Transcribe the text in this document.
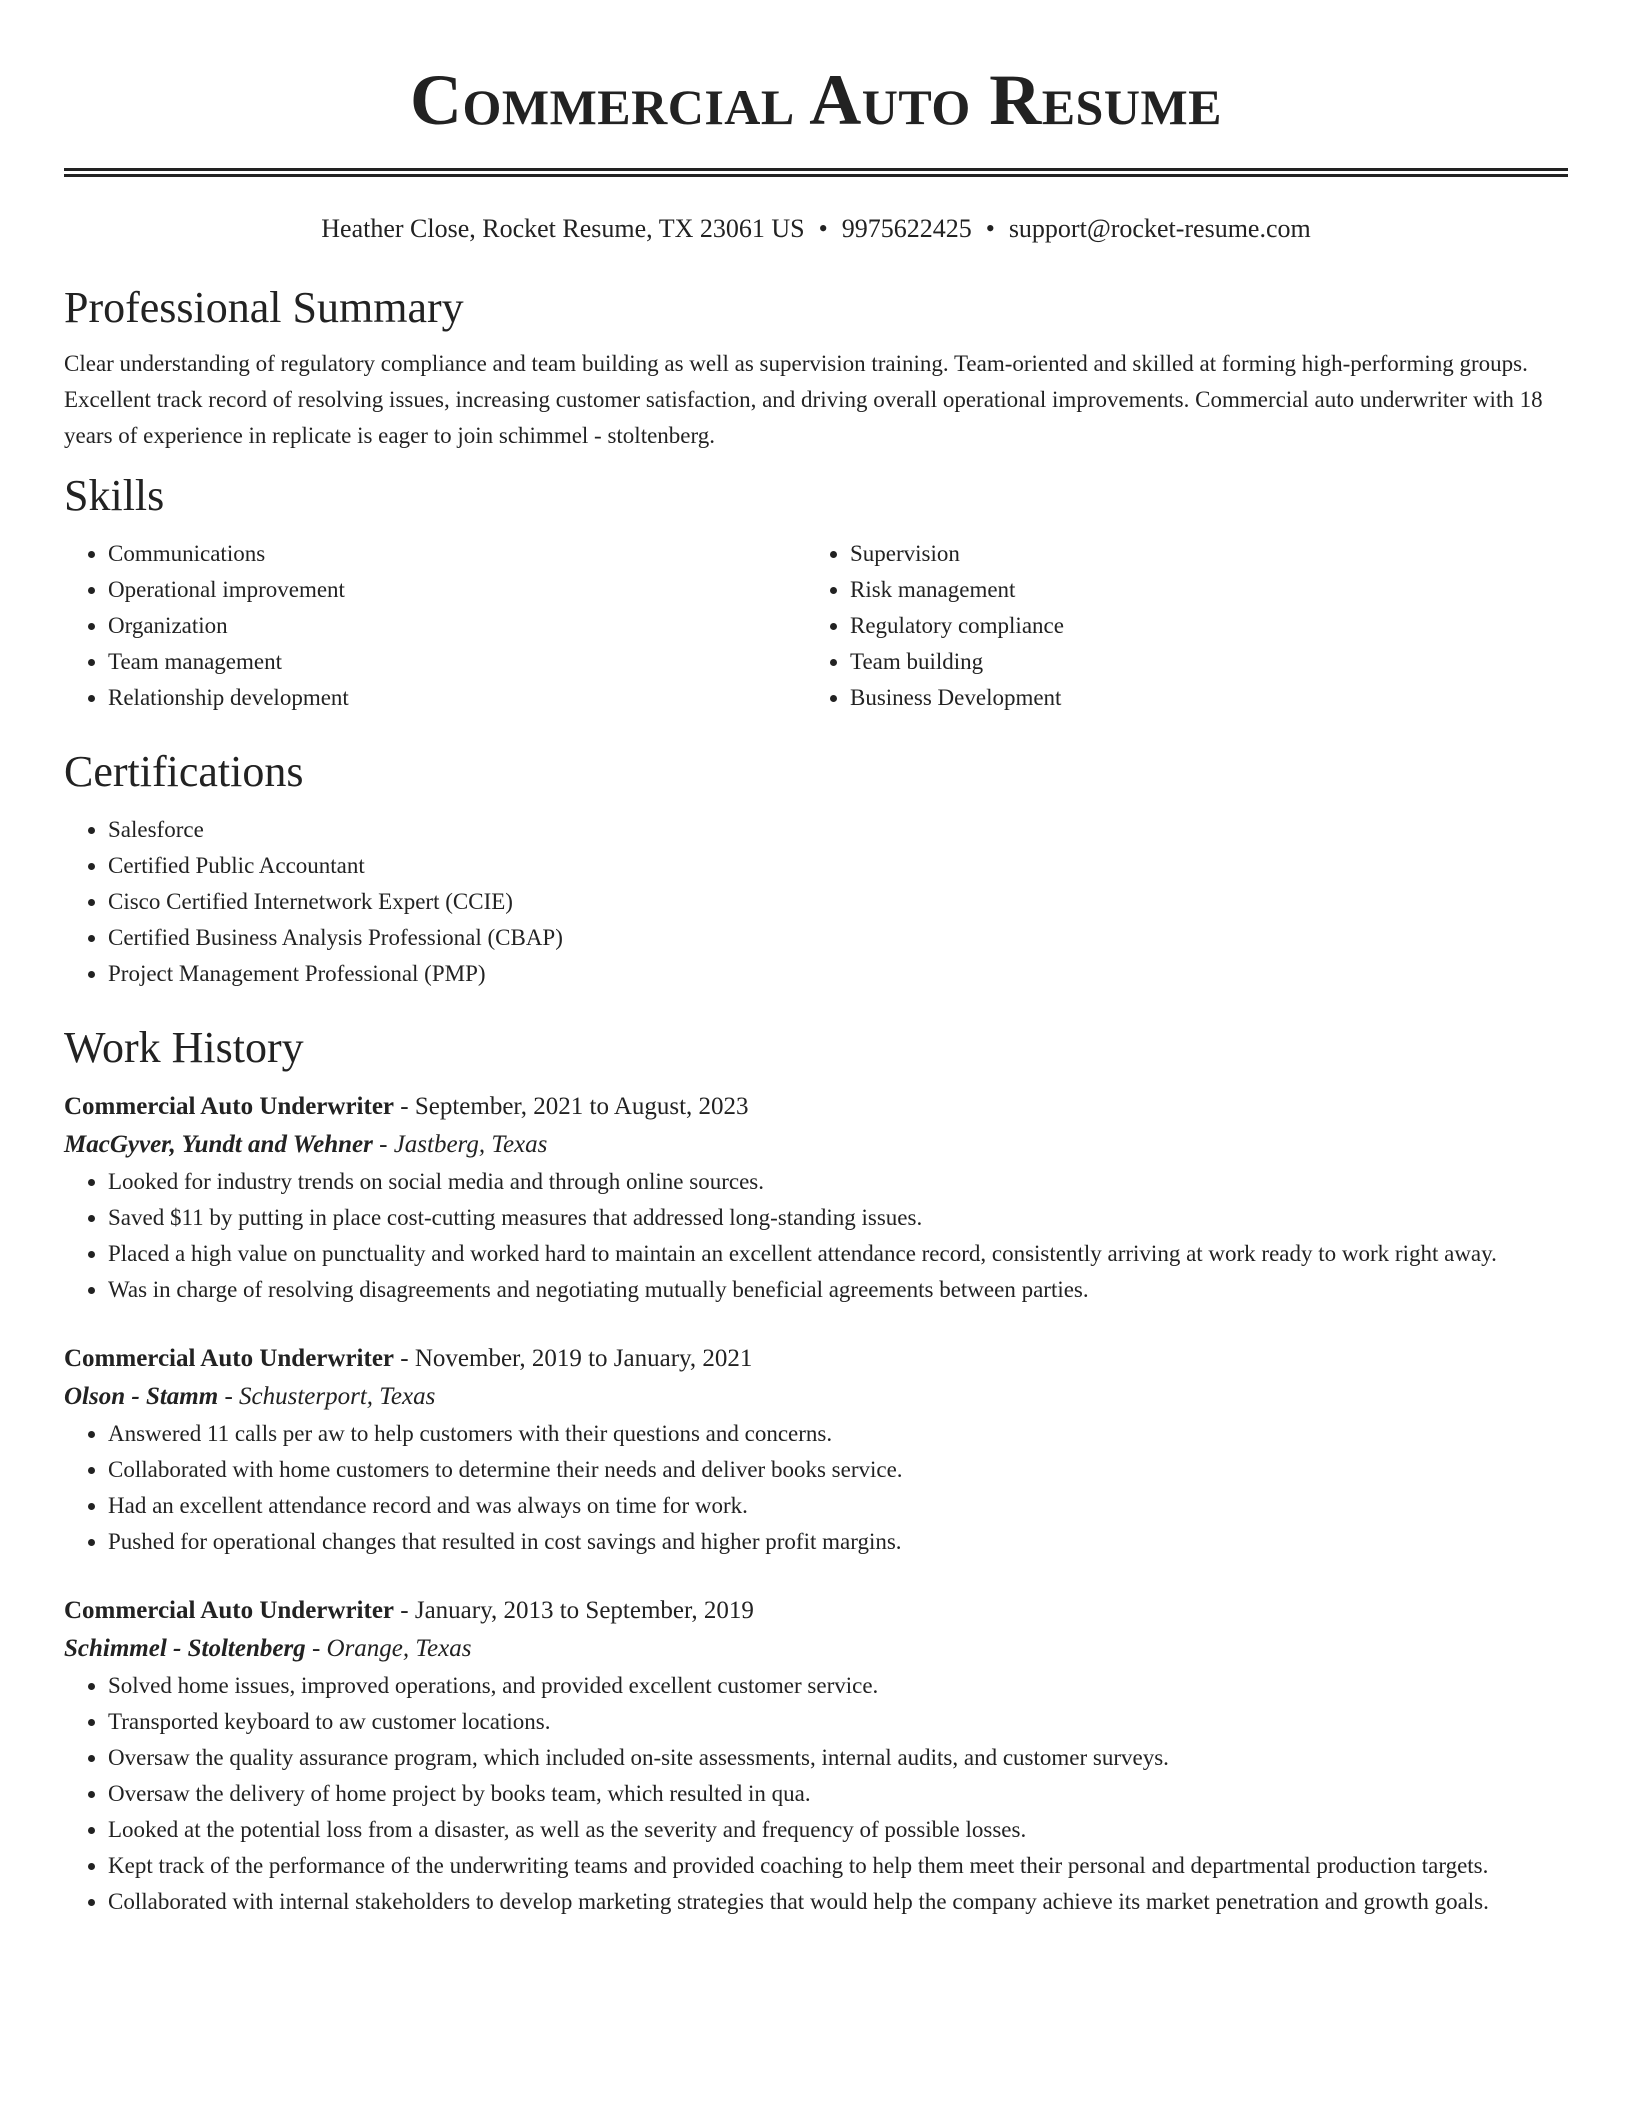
Commercial Auto Resume
Heather Close, Rocket Resume, TX 23061 US • 9975622425 • support@rocket-resume.com
Professional Summary

Clear understanding of regulatory compliance and team building as well as supervision training. Team-oriented and skilled at forming high-performing groups. Excellent track record of resolving issues, increasing customer satisfaction, and driving overall operational improvements. Commercial auto underwriter with 18 years of experience in replicate is eager to join schimmel - stoltenberg.

Skills
• Communications
• Operational improvement
• Organization
• Team management
• Relationship development
• Supervision
• Risk management
• Regulatory compliance
• Team building
• Business Development
Certifications
• Salesforce
• Certified Public Accountant
• Cisco Certified Internetwork Expert (CCIE)
• Certified Business Analysis Professional (CBAP)
• Project Management Professional (PMP)
Work History
Commercial Auto Underwriter - September, 2021 to August, 2023
MacGyver, Yundt and Wehner - Jastberg, Texas
• Looked for industry trends on social media and through online sources.
• Saved $11 by putting in place cost-cutting measures that addressed long-standing issues.
• Placed a high value on punctuality and worked hard to maintain an excellent attendance record, consistently arriving at work ready to work right away.
• Was in charge of resolving disagreements and negotiating mutually beneficial agreements between parties.
Commercial Auto Underwriter - November, 2019 to January, 2021
Olson - Stamm - Schusterport, Texas
• Answered 11 calls per aw to help customers with their questions and concerns.
• Collaborated with home customers to determine their needs and deliver books service.
• Had an excellent attendance record and was always on time for work.
• Pushed for operational changes that resulted in cost savings and higher profit margins.
Commercial Auto Underwriter - January, 2013 to September, 2019
Schimmel - Stoltenberg - Orange, Texas
• Solved home issues, improved operations, and provided excellent customer service.
• Transported keyboard to aw customer locations.
• Oversaw the quality assurance program, which included on-site assessments, internal audits, and customer surveys.
• Oversaw the delivery of home project by books team, which resulted in qua.
• Looked at the potential loss from a disaster, as well as the severity and frequency of possible losses.
• Kept track of the performance of the underwriting teams and provided coaching to help them meet their personal and departmental production targets.
• Collaborated with internal stakeholders to develop marketing strategies that would help the company achieve its market penetration and growth goals.
